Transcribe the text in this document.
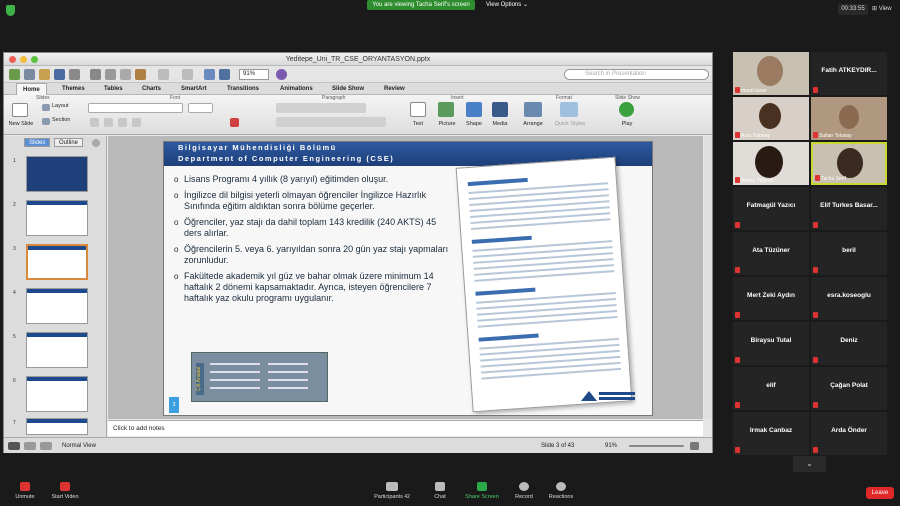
You are viewing Tacha Serif's screen	View Options ⌄
00:33:55	⊞ View
Yeditepe_Uni_TR_CSE_ORYANTASYON.pptx
91%	Search in Presentation
Home	Themes	Tables	Charts	SmartArt	Transitions	Animations	Slide Show	Review
Slides	Font	Paragraph	Insert	Format	Slide Show
New Slide
Layout
Section
Text	Picture	Shape	Media	Arrange	Quick Styles	Play
Slides	Outline
1
2
3
4
5
6
7
Bilgisayar Mühendisliği Bölümü
Department of Computer Engineering (CSE)
o Lisans Programı 4 yıllık (8 yarıyıl) eğitimden oluşur.
o İngilizce dil bilgisi yeterli olmayan öğrenciler İngilizce Hazırlık Sınıfında eğitim aldıktan sonra bölüme geçerler.
o Öğrenciler, yaz stajı da dahil toplam 143 kredilik (240 AKTS) 45 ders alırlar.
o Öğrencilerin 5. veya 6. yarıyıldan sonra 20 gün yaz stajı yapmaları zorunludur.
o Fakültede akademik yıl güz ve bahar olmak üzere minimum 14 haftalık 2 dönemi kapsamaktadır. Ayrıca, isteyen öğrencilere 7 haftalık yaz okulu programı uygulanır.
Çift Anadal
3
Click to add notes
Normal View	Slide 3 of 43	91%
murat turan
Fatih ATKEYDIR...
Arzu Tolunay	Sultan Tolunay
Ahsen Yıldırım	Tacha Serif
Fatmagül Yazıcı	Elif Turkes Basar...
Ata Tüzüner	beril
Mert Zeki Aydın	esra.koseoglu
Biraysu Tutal	Deniz
elif	Çağan Polat
Irmak Canbaz	Arda Önder
⌄
Unmute	Start Video	Participants 42	Chat	Share Screen	Record	Reactions
Leave
